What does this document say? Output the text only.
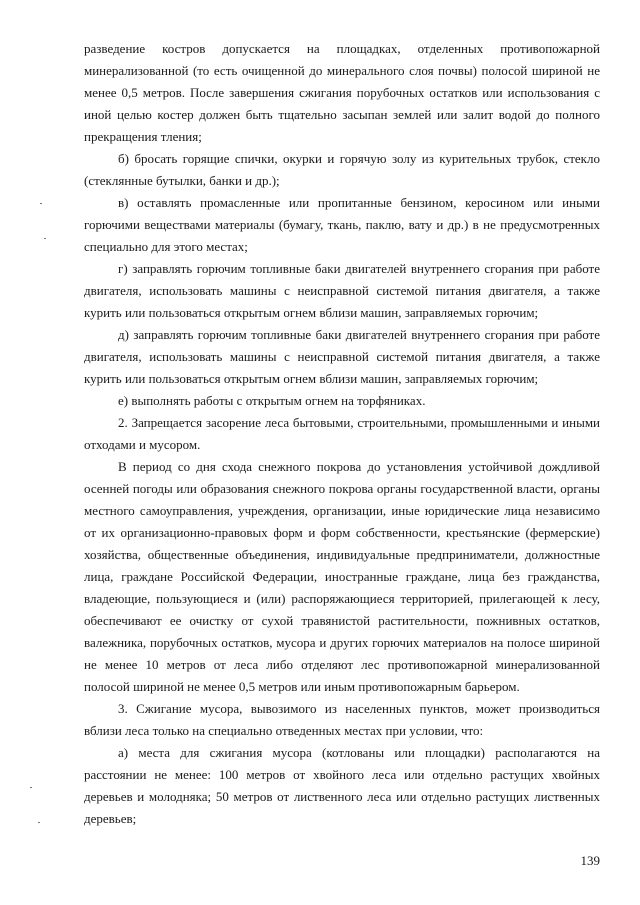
разведение костров допускается на площадках, отделенных противопожарной минерализованной (то есть очищенной до минерального слоя почвы) полосой шириной не менее 0,5 метров. После завершения сжигания порубочных остатков или использования с иной целью костер должен быть тщательно засыпан землей или залит водой до полного прекращения тления;

б) бросать горящие спички, окурки и горячую золу из курительных трубок, стекло (стеклянные бутылки, банки и др.);

в) оставлять промасленные или пропитанные бензином, керосином или иными горючими веществами материалы (бумагу, ткань, паклю, вату и др.) в не предусмотренных специально для этого местах;

г) заправлять горючим топливные баки двигателей внутреннего сгорания при работе двигателя, использовать машины с неисправной системой питания двигателя, а также курить или пользоваться открытым огнем вблизи машин, заправляемых горючим;

д) заправлять горючим топливные баки двигателей внутреннего сгорания при работе двигателя, использовать машины с неисправной системой питания двигателя, а также курить или пользоваться открытым огнем вблизи машин, заправляемых горючим;

е) выполнять работы с открытым огнем на торфяниках.

2. Запрещается засорение леса бытовыми, строительными, промышленными и иными отходами и мусором.

В период со дня схода снежного покрова до установления устойчивой дождливой осенней погоды или образования снежного покрова органы государственной власти, органы местного самоуправления, учреждения, организации, иные юридические лица независимо от их организационно-правовых форм и форм собственности, крестьянские (фермерские) хозяйства, общественные объединения, индивидуальные предприниматели, должностные лица, граждане Российской Федерации, иностранные граждане, лица без гражданства, владеющие, пользующиеся и (или) распоряжающиеся территорией, прилегающей к лесу, обеспечивают ее очистку от сухой травянистой растительности, пожнивных остатков, валежника, порубочных остатков, мусора и других горючих материалов на полосе шириной не менее 10 метров от леса либо отделяют лес противопожарной минерализованной полосой шириной не менее 0,5 метров или иным противопожарным барьером.

3. Сжигание мусора, вывозимого из населенных пунктов, может производиться вблизи леса только на специально отведенных местах при условии, что:

а) места для сжигания мусора (котлованы или площадки) располагаются на расстоянии не менее: 100 метров от хвойного леса или отдельно растущих хвойных деревьев и молодняка; 50 метров от лиственного леса или отдельно растущих лиственных деревьев;

139
